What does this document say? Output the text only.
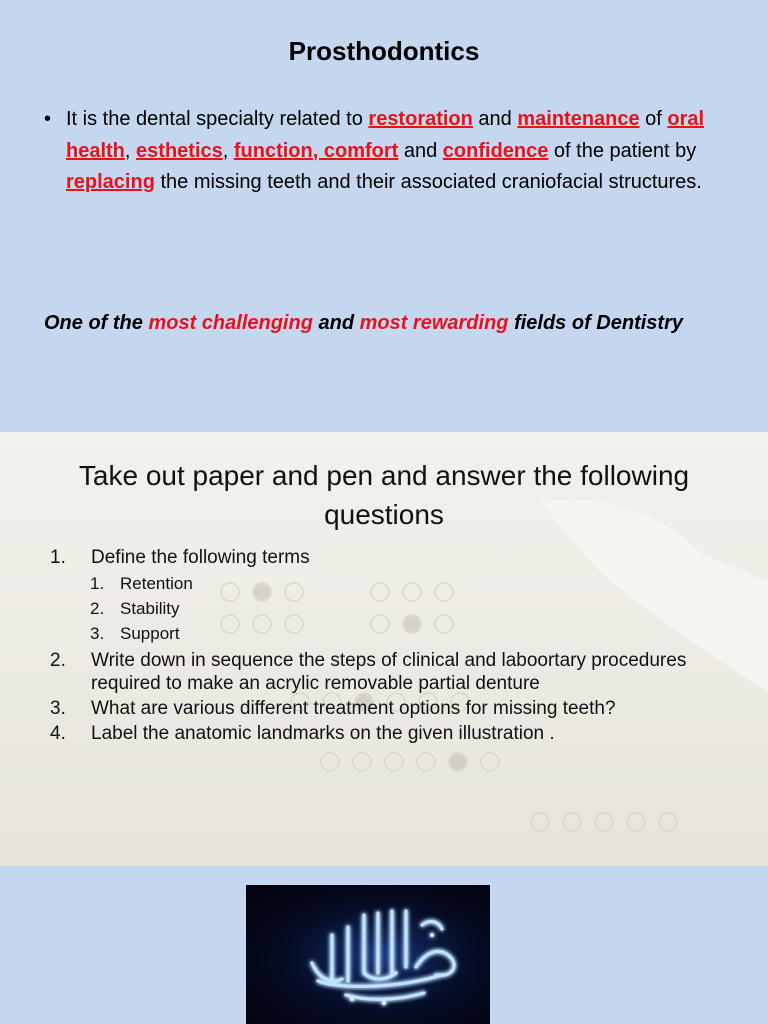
Prosthodontics
• It is the dental specialty related to restoration and maintenance of oral health, esthetics, function, comfort and confidence of the patient by replacing the missing teeth and their associated craniofacial structures.
One of the most challenging and most rewarding fields of Dentistry
Take out paper and pen and answer the following questions
1. Define the following terms
1. Retention
2. Stability
3. Support
2. Write down in sequence the steps of clinical and laboortary procedures required to make an acrylic removable partial denture
3. What are various different treatment options for missing teeth?
4. Label the anatomic landmarks on the given illustration .
